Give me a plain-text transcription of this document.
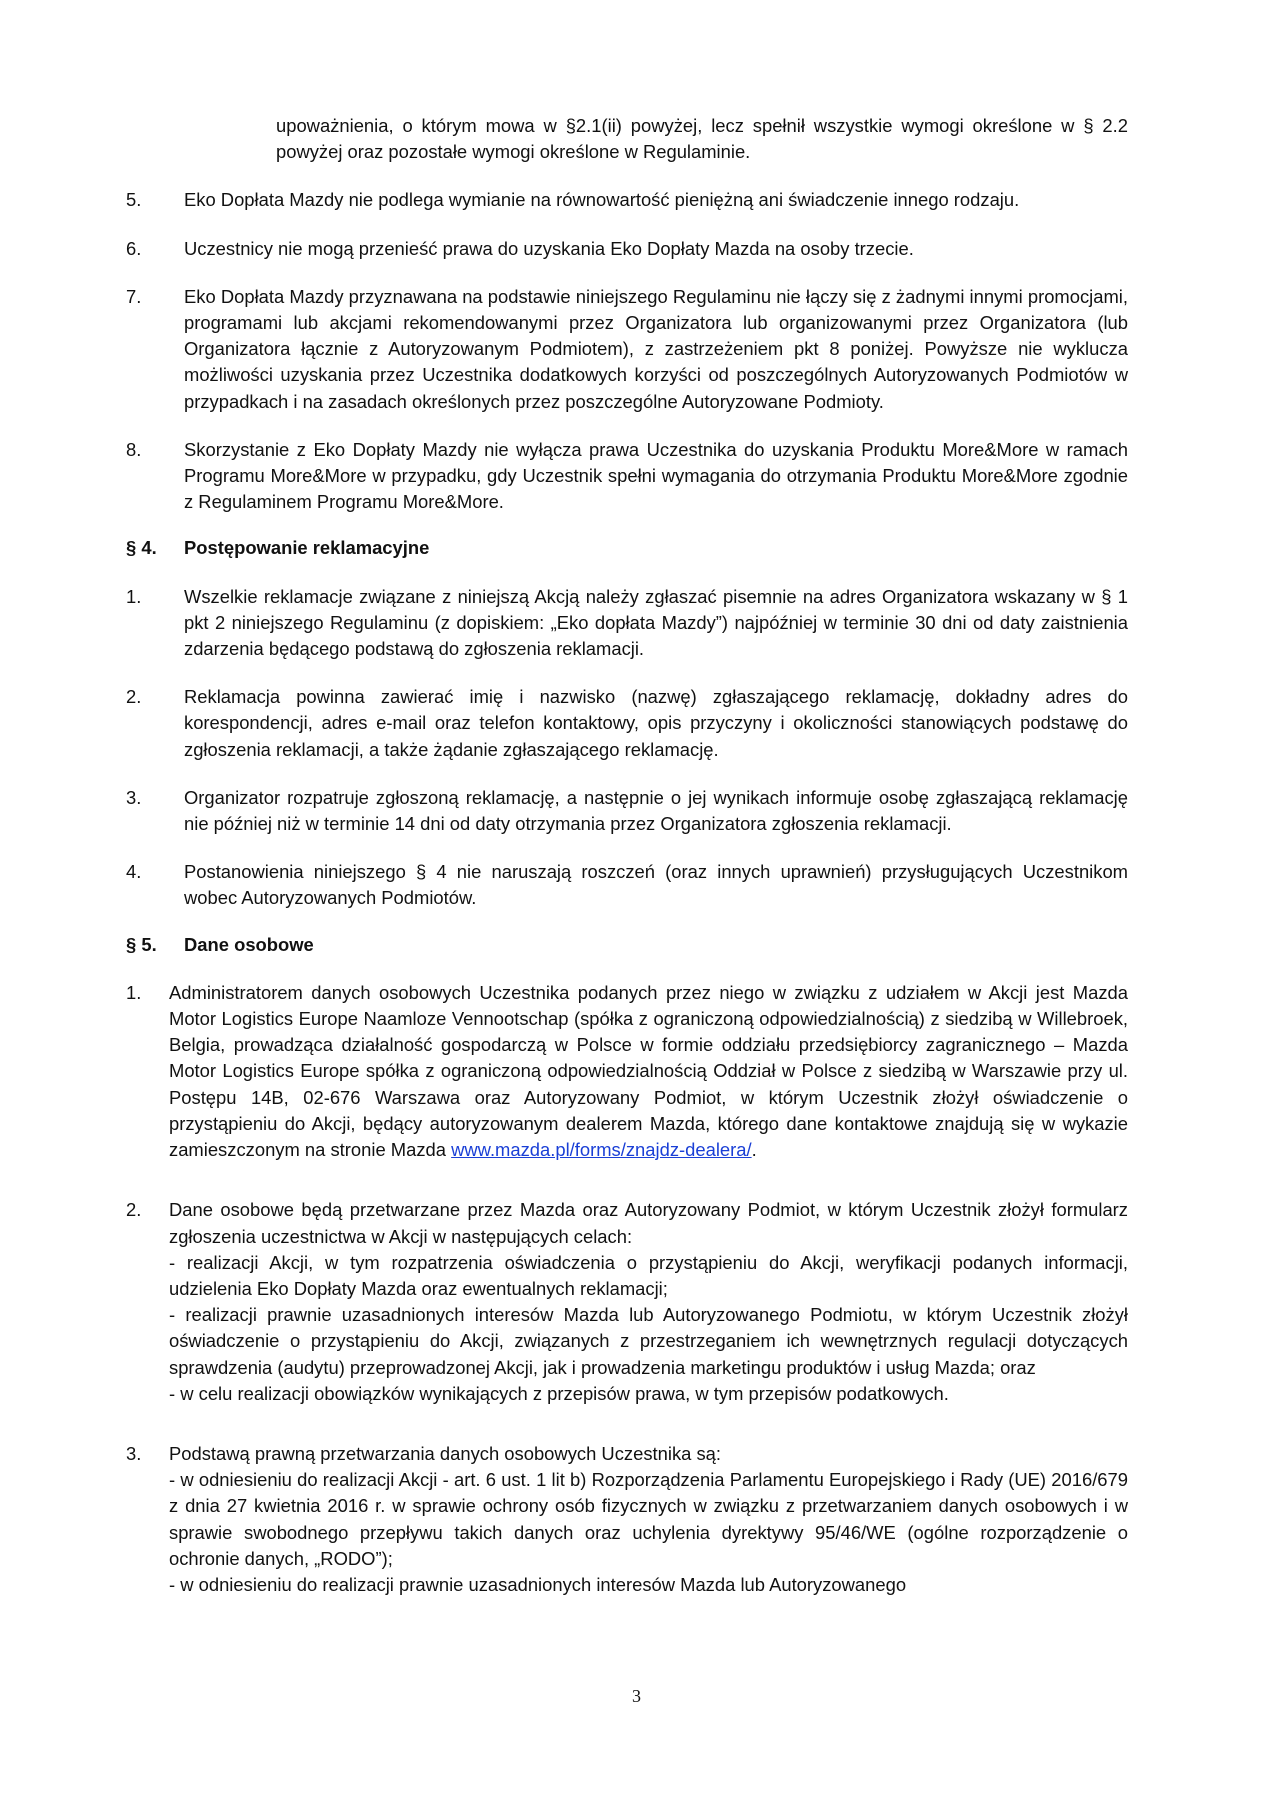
upoważnienia, o którym mowa w §2.1(ii) powyżej, lecz spełnił wszystkie wymogi określone w § 2.2 powyżej oraz pozostałe wymogi określone w Regulaminie.

5. Eko Dopłata Mazdy nie podlega wymianie na równowartość pieniężną ani świadczenie innego rodzaju.
6. Uczestnicy nie mogą przenieść prawa do uzyskania Eko Dopłaty Mazda na osoby trzecie.
7. Eko Dopłata Mazdy przyznawana na podstawie niniejszego Regulaminu nie łączy się z żadnymi innymi promocjami, programami lub akcjami rekomendowanymi przez Organizatora lub organizowanymi przez Organizatora (lub Organizatora łącznie z Autoryzowanym Podmiotem), z zastrzeżeniem pkt 8 poniżej. Powyższe nie wyklucza możliwości uzyskania przez Uczestnika dodatkowych korzyści od poszczególnych Autoryzowanych Podmiotów w przypadkach i na zasadach określonych przez poszczególne Autoryzowane Podmioty.
8. Skorzystanie z Eko Dopłaty Mazdy nie wyłącza prawa Uczestnika do uzyskania Produktu More&More w ramach Programu More&More w przypadku, gdy Uczestnik spełni wymagania do otrzymania Produktu More&More zgodnie z Regulaminem Programu More&More.
§ 4. Postępowanie reklamacyjne
1. Wszelkie reklamacje związane z niniejszą Akcją należy zgłaszać pisemnie na adres Organizatora wskazany w § 1 pkt 2 niniejszego Regulaminu (z dopiskiem: „Eko dopłata Mazdy”) najpóźniej w terminie 30 dni od daty zaistnienia zdarzenia będącego podstawą do zgłoszenia reklamacji.
2. Reklamacja powinna zawierać imię i nazwisko (nazwę) zgłaszającego reklamację, dokładny adres do korespondencji, adres e-mail oraz telefon kontaktowy, opis przyczyny i okoliczności stanowiących podstawę do zgłoszenia reklamacji, a także żądanie zgłaszającego reklamację.
3. Organizator rozpatruje zgłoszoną reklamację, a następnie o jej wynikach informuje osobę zgłaszającą reklamację nie później niż w terminie 14 dni od daty otrzymania przez Organizatora zgłoszenia reklamacji.
4. Postanowienia niniejszego § 4 nie naruszają roszczeń (oraz innych uprawnień) przysługujących Uczestnikom wobec Autoryzowanych Podmiotów.
§ 5. Dane osobowe
1. Administratorem danych osobowych Uczestnika podanych przez niego w związku z udziałem w Akcji jest Mazda Motor Logistics Europe Naamloze Vennootschap (spółka z ograniczoną odpowiedzialnością) z siedzibą w Willebroek, Belgia, prowadząca działalność gospodarczą w Polsce w formie oddziału przedsiębiorcy zagranicznego – Mazda Motor Logistics Europe spółka z ograniczoną odpowiedzialnością Oddział w Polsce z siedzibą w Warszawie przy ul. Postępu 14B, 02-676 Warszawa oraz Autoryzowany Podmiot, w którym Uczestnik złożył oświadczenie o przystąpieniu do Akcji, będący autoryzowanym dealerem Mazda, którego dane kontaktowe znajdują się w wykazie zamieszczonym na stronie Mazda www.mazda.pl/forms/znajdz-dealera/.
2. Dane osobowe będą przetwarzane przez Mazda oraz Autoryzowany Podmiot, w którym Uczestnik złożył formularz zgłoszenia uczestnictwa w Akcji w następujących celach:
- realizacji Akcji, w tym rozpatrzenia oświadczenia o przystąpieniu do Akcji, weryfikacji podanych informacji, udzielenia Eko Dopłaty Mazda oraz ewentualnych reklamacji;
- realizacji prawnie uzasadnionych interesów Mazda lub Autoryzowanego Podmiotu, w którym Uczestnik złożył oświadczenie o przystąpieniu do Akcji, związanych z przestrzeganiem ich wewnętrznych regulacji dotyczących sprawdzenia (audytu) przeprowadzonej Akcji, jak i prowadzenia marketingu produktów i usług Mazda; oraz
- w celu realizacji obowiązków wynikających z przepisów prawa, w tym przepisów podatkowych.
3. Podstawą prawną przetwarzania danych osobowych Uczestnika są:
- w odniesieniu do realizacji Akcji - art. 6 ust. 1 lit b) Rozporządzenia Parlamentu Europejskiego i Rady (UE) 2016/679 z dnia 27 kwietnia 2016 r. w sprawie ochrony osób fizycznych w związku z przetwarzaniem danych osobowych i w sprawie swobodnego przepływu takich danych oraz uchylenia dyrektywy 95/46/WE (ogólne rozporządzenie o ochronie danych, „RODO”);
- w odniesieniu do realizacji prawnie uzasadnionych interesów Mazda lub Autoryzowanego
3
